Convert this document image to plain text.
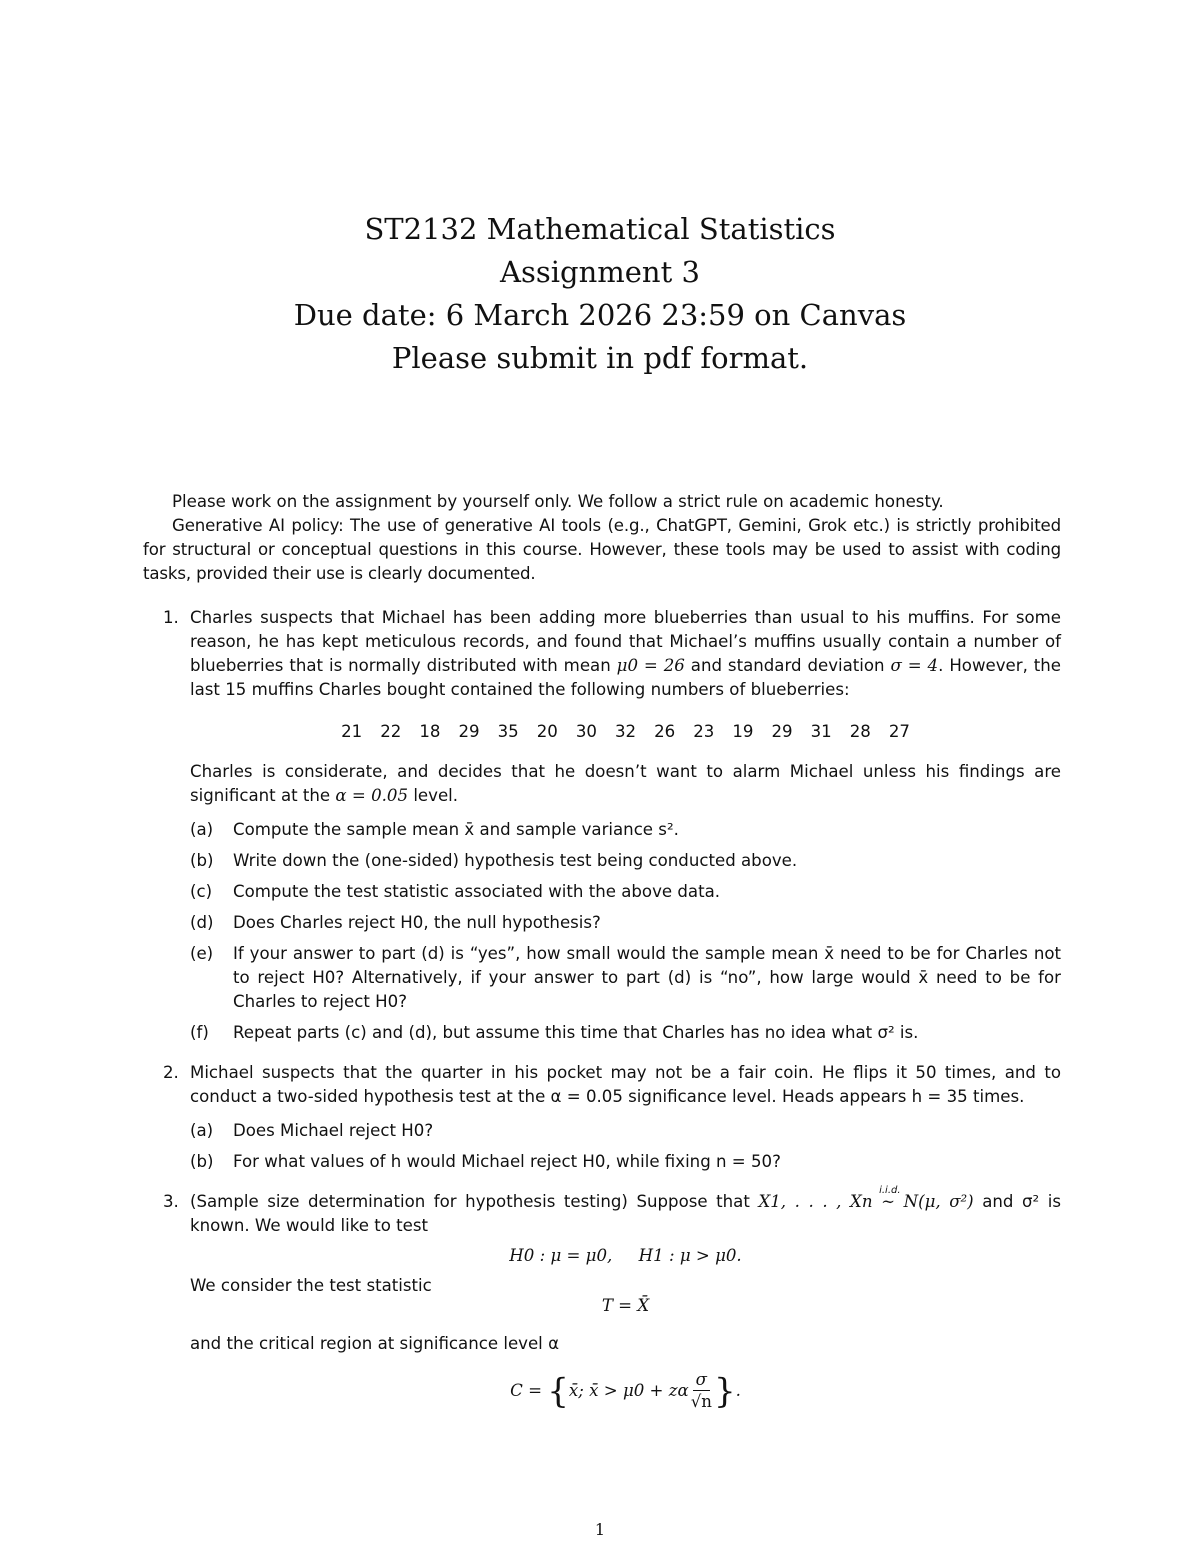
ST2132 Mathematical Statistics
Assignment 3
Due date: 6 March 2026 23:59 on Canvas
Please submit in pdf format.

Please work on the assignment by yourself only. We follow a strict rule on academic honesty.

Generative AI policy: The use of generative AI tools (e.g., ChatGPT, Gemini, Grok etc.) is strictly prohibited for structural or conceptual questions in this course. However, these tools may be used to assist with coding tasks, provided their use is clearly documented.

1. Charles suspects that Michael has been adding more blueberries than usual to his muffins. For some reason, he has kept meticulous records, and found that Michael’s muffins usually contain a number of blueberries that is normally distributed with mean μ0 = 26 and standard deviation σ = 4. However, the last 15 muffins Charles bought contained the following numbers of blueberries:
21 22 18 29 35 20 30 32 26 23 19 29 31 28 27
Charles is considerate, and decides that he doesn’t want to alarm Michael unless his findings are significant at the α = 0.05 level.
(a) Compute the sample mean x̄ and sample variance s².
(b) Write down the (one-sided) hypothesis test being conducted above.
(c) Compute the test statistic associated with the above data.
(d) Does Charles reject H0, the null hypothesis?
(e) If your answer to part (d) is “yes”, how small would the sample mean x̄ need to be for Charles not to reject H0? Alternatively, if your answer to part (d) is “no”, how large would x̄ need to be for Charles to reject H0?
(f) Repeat parts (c) and (d), but assume this time that Charles has no idea what σ² is.
2. Michael suspects that the quarter in his pocket may not be a fair coin. He flips it 50 times, and to conduct a two-sided hypothesis test at the α = 0.05 significance level. Heads appears h = 35 times.
(a) Does Michael reject H0?
(b) For what values of h would Michael reject H0, while fixing n = 50?
3. (Sample size determination for hypothesis testing) Suppose that X1, . . . , Xn
i.i.d.
∼ N(μ, σ²) and σ² is known. We would like to test
H0 : μ = μ0,     H1 : μ > μ0.
We consider the test statistic
T = X̄
and the critical region at significance level α
C = {x̄; x̄ > μ0 + zα $\frac{\sigma}{√n}$ }.
1
